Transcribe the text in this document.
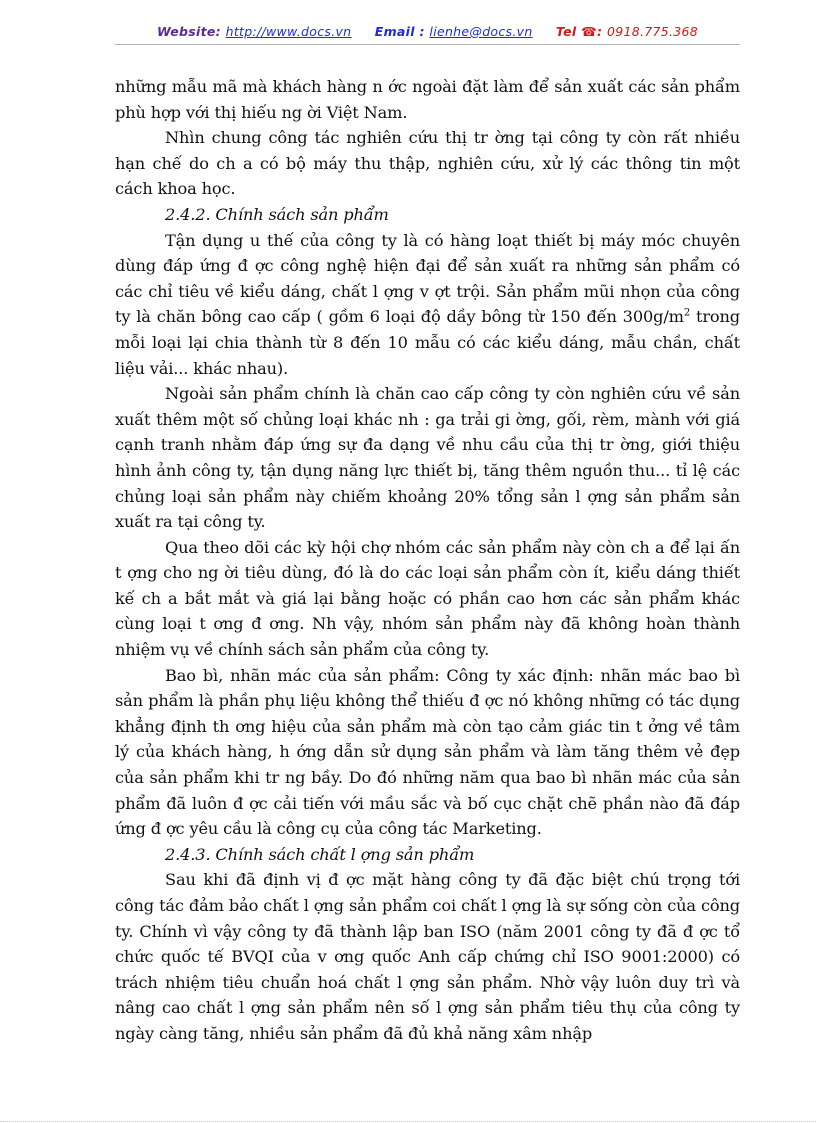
Website: http://www.docs.vn Email : lienhe@docs.vn Tel ☎: 0918.775.368

những mẫu mã mà khách hàng n ớc ngoài đặt làm để sản xuất các sản phẩm phù hợp với thị hiếu ng ời Việt Nam.

Nhìn chung công tác nghiên cứu thị tr ờng tại công ty còn rất nhiều hạn chế do ch a có bộ máy thu thập, nghiên cứu, xử lý các thông tin một cách khoa học.

2.4.2. Chính sách sản phẩm

Tận dụng u thế của công ty là có hàng loạt thiết bị máy móc chuyên dùng đáp ứng đ ợc công nghệ hiện đại để sản xuất ra những sản phẩm có các chỉ tiêu về kiểu dáng, chất l ợng v ợt trội. Sản phẩm mũi nhọn của công ty là chăn bông cao cấp ( gồm 6 loại độ dầy bông từ 150 đến $300g/m^2$ trong mỗi loại lại chia thành từ 8 đến 10 mẫu có các kiểu dáng, mẫu chần, chất liệu vải... khác nhau).

Ngoài sản phẩm chính là chăn cao cấp công ty còn nghiên cứu về sản xuất thêm một số chủng loại khác nh : ga trải gi ờng, gối, rèm, mành với giá cạnh tranh nhằm đáp ứng sự đa dạng về nhu cầu của thị tr ờng, giới thiệu hình ảnh công ty, tận dụng năng lực thiết bị, tăng thêm nguồn thu... tỉ lệ các chủng loại sản phẩm này chiếm khoảng 20% tổng sản l ợng sản phẩm sản xuất ra tại công ty.

Qua theo dõi các kỳ hội chợ nhóm các sản phẩm này còn ch a để lại ấn t ợng cho ng ời tiêu dùng, đó là do các loại sản phẩm còn ít, kiểu dáng thiết kế ch a bắt mắt và giá lại bằng hoặc có phần cao hơn các sản phẩm khác cùng loại t ơng đ ơng. Nh vậy, nhóm sản phẩm này đã không hoàn thành nhiệm vụ về chính sách sản phẩm của công ty.

Bao bì, nhãn mác của sản phẩm: Công ty xác định: nhãn mác bao bì sản phẩm là phần phụ liệu không thể thiếu đ ợc nó không những có tác dụng khẳng định th ơng hiệu của sản phẩm mà còn tạo cảm giác tin t ởng về tâm lý của khách hàng, h ớng dẫn sử dụng sản phẩm và làm tăng thêm vẻ đẹp của sản phẩm khi tr ng bầy. Do đó những năm qua bao bì nhãn mác của sản phẩm đã luôn đ ợc cải tiến với mầu sắc và bố cục chặt chẽ phần nào đã đáp ứng đ ợc yêu cầu là công cụ của công tác Marketing.

2.4.3. Chính sách chất l ợng sản phẩm

Sau khi đã định vị đ ợc mặt hàng công ty đã đặc biệt chú trọng tới công tác đảm bảo chất l ợng sản phẩm coi chất l ợng là sự sống còn của công ty. Chính vì vậy công ty đã thành lập ban ISO (năm 2001 công ty đã đ ợc tổ chức quốc tế BVQI của v ơng quốc Anh cấp chứng chỉ ISO 9001:2000) có trách nhiệm tiêu chuẩn hoá chất l ợng sản phẩm. Nhờ vậy luôn duy trì và nâng cao chất l ợng sản phẩm nên số l ợng sản phẩm tiêu thụ của công ty ngày càng tăng, nhiều sản phẩm đã đủ khả năng xâm nhập
